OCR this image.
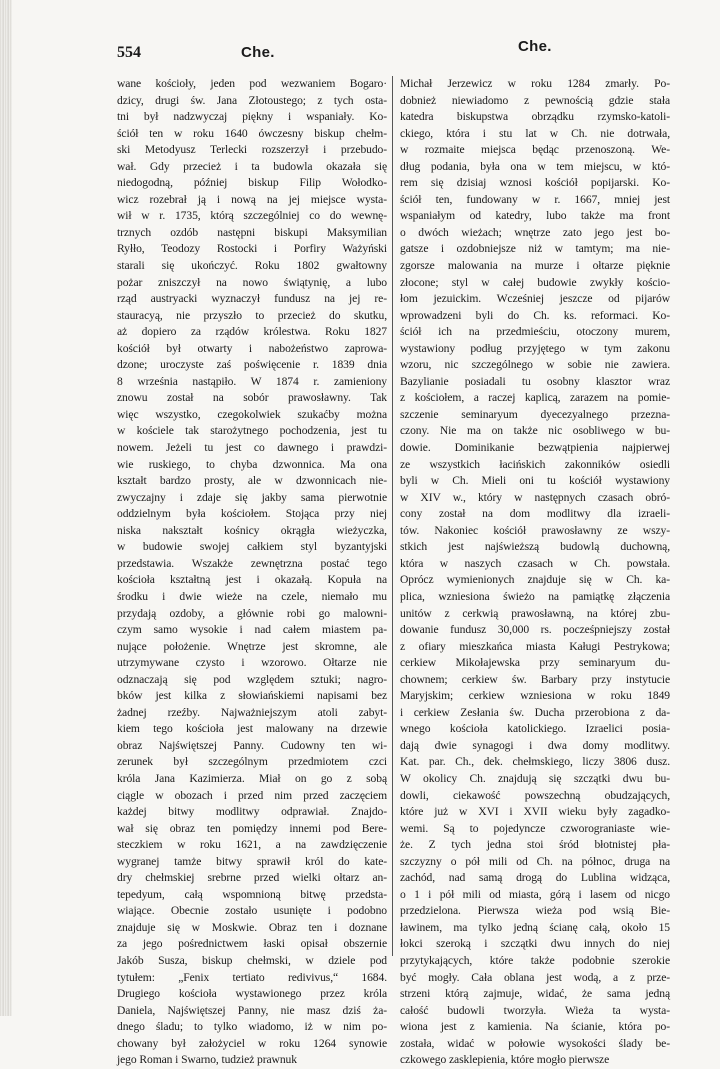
554	Che.	Che.
wane kościoły, jeden pod wezwaniem Bogaro·
dzicy, drugi św. Jana Złotoustego; z tych osta-
tni był nadzwyczaj piękny i wspaniały. Ko-
ściół ten w roku 1640 ówczesny biskup chełm-
ski Metodyusz Terlecki rozszerzył i przebudo-
wał. Gdy przecież i ta budowla okazała się
niedogodną, później biskup Filip Wołodko-
wicz rozebrał ją i nową na jej miejsce wysta-
wił w r. 1735, którą szczególniej co do wewnę-
trznych ozdób następni biskupi Maksymilian
Ryłło, Teodozy Rostocki i Porfiry Ważyński
starali się ukończyć. Roku 1802 gwałtowny
pożar zniszczył na nowo świątynię, a lubo
rząd austryacki wyznaczył fundusz na jej re-
stauracyą, nie przyszło to przecież do skutku,
aż dopiero za rządów królestwa. Roku 1827
kościół był otwarty i nabożeństwo zaprowa-
dzone; uroczyste zaś poświęcenie r. 1839 dnia
8 września nastąpiło. W 1874 r. zamieniony
znowu został na sobór prawosławny. Tak
więc wszystko, czegokolwiek szukaćby można
w kościele tak starożytnego pochodzenia, jest tu
nowem. Jeżeli tu jest co dawnego i prawdzi-
wie ruskiego, to chyba dzwonnica. Ma ona
kształt bardzo prosty, ale w dzwonnicach nie-
zwyczajny i zdaje się jakby sama pierwotnie
oddzielnym była kościołem. Stojąca przy niej
niska nakształt kośnicy okrągła wieżyczka,
w budowie swojej całkiem styl byzantyjski
przedstawia. Wszakże zewnętrzna postać tego
kościoła kształtną jest i okazałą. Kopuła na
środku i dwie wieże na czele, niemało mu
przydają ozdoby, a głównie robi go malowni-
czym samo wysokie i nad całem miastem pa-
nujące położenie. Wnętrze jest skromne, ale
utrzymywane czysto i wzorowo. Ołtarze nie
odznaczają się pod względem sztuki; nagro-
bków jest kilka z słowiańskiemi napisami bez
żadnej rzeźby. Najważniejszym atoli zabyt-
kiem tego kościoła jest malowany na drzewie
obraz Najświętszej Panny. Cudowny ten wi-
zerunek był szczególnym przedmiotem czci
króla Jana Kazimierza. Miał on go z sobą
ciągle w obozach i przed nim przed zaczęciem
każdej bitwy modlitwy odprawiał. Znajdo-
wał się obraz ten pomiędzy innemi pod Bere-
steczkiem w roku 1621, a na zawdzięczenie
wygranej tamże bitwy sprawił król do kate-
dry chełmskiej srebrne przed wielki ołtarz an-
tepedyum, całą wspomnioną bitwę przedsta-
wiające. Obecnie zostało usunięte i podobno
znajduje się w Moskwie. Obraz ten i doznane
za jego pośrednictwem łaski opisał obszernie
Jakób Susza, biskup chełmski, w dziele pod
tytułem: „Fenix tertiato redivivus,“ 1684.
Drugiego kościoła wystawionego przez króla
Daniela, Najświętszej Panny, nie masz dziś ża-
dnego śladu; to tylko wiadomo, iż w nim po-
chowany był założyciel w roku 1264 synowie
jego Roman i Swarno, tudzież prawnuk
Michał Jerzewicz w roku 1284 zmarły. Po-
dobnież niewiadomo z pewnością gdzie stała
katedra biskupstwa obrządku rzymsko-katoli-
ckiego, która i stu lat w Ch. nie dotrwała,
w rozmaite miejsca będąc przenoszoną. We-
dług podania, była ona w tem miejscu, w któ-
rem się dzisiaj wznosi kościół popijarski. Ko-
ściół ten, fundowany w r. 1667, mniej jest
wspaniałym od katedry, lubo także ma front
o dwóch wieżach; wnętrze zato jego jest bo-
gatsze i ozdobniejsze niż w tamtym; ma nie-
zgorsze malowania na murze i ołtarze pięknie
złocone; styl w całej budowie zwykły kościo-
łom jezuickim. Wcześniej jeszcze od pijarów
wprowadzeni byli do Ch. ks. reformaci. Ko-
ściół ich na przedmieściu, otoczony murem,
wystawiony podług przyjętego w tym zakonu
wzoru, nic szczególnego w sobie nie zawiera.
Bazylianie posiadali tu osobny klasztor wraz
z kościołem, a raczej kaplicą, zarazem na pomie-
szczenie seminaryum dyecezyalnego przezna-
czony. Nie ma on także nic osobliwego w bu-
dowie. Dominikanie bezwątpienia najpierwej
ze wszystkich łacińskich zakonników osiedli
byli w Ch. Mieli oni tu kościół wystawiony
w XIV w., który w następnych czasach obró-
cony został na dom modlitwy dla izraeli-
tów. Nakoniec kościół prawosławny ze wszy-
stkich jest najświeższą budowlą duchowną,
która w naszych czasach w Ch. powstała.
Oprócz wymienionych znajduje się w Ch. ka-
plica, wzniesiona świeżo na pamiątkę złączenia
unitów z cerkwią prawosławną, na której zbu-
dowanie fundusz 30,000 rs. pocześpniejszy został
z ofiary mieszkańca miasta Kaługi Pestrykowa;
cerkiew Mikołajewska przy seminaryum du-
chownem; cerkiew św. Barbary przy instytucie
Maryjskim; cerkiew wzniesiona w roku 1849
i cerkiew Zesłania św. Ducha przerobiona z da-
wnego kościoła katolickiego. Izraelici posia-
dają dwie synagogi i dwa domy modlitwy.
Kat. par. Ch., dek. chełmskiego, liczy 3806 dusz.
W okolicy Ch. znajdują się szczątki dwu bu-
dowli, ciekawość powszechną obudzających,
które już w XVI i XVII wieku były zagadko-
wemi. Są to pojedyncze czworograniaste wie-
że. Z tych jedna stoi śród błotnistej pła-
szczyzny o pół mili od Ch. na północ, druga na
zachód, nad samą drogą do Lublina widząca,
o 1 i pół mili od miasta, górą i lasem od nicgo
przedzielona. Pierwsza wieża pod wsią Bie-
ławinem, ma tylko jedną ścianę całą, około 15
łokci szeroką i szczątki dwu innych do niej
przytykających, które także podobnie szerokie
być mogły. Cała oblana jest wodą, a z prze-
strzeni którą zajmuje, widać, że sama jedną
całość budowli tworzyła. Wieża ta wysta-
wiona jest z kamienia. Na ścianie, która po-
została, widać w połowie wysokości ślady be-
czkowego zasklepienia, które mogło pierwsze
